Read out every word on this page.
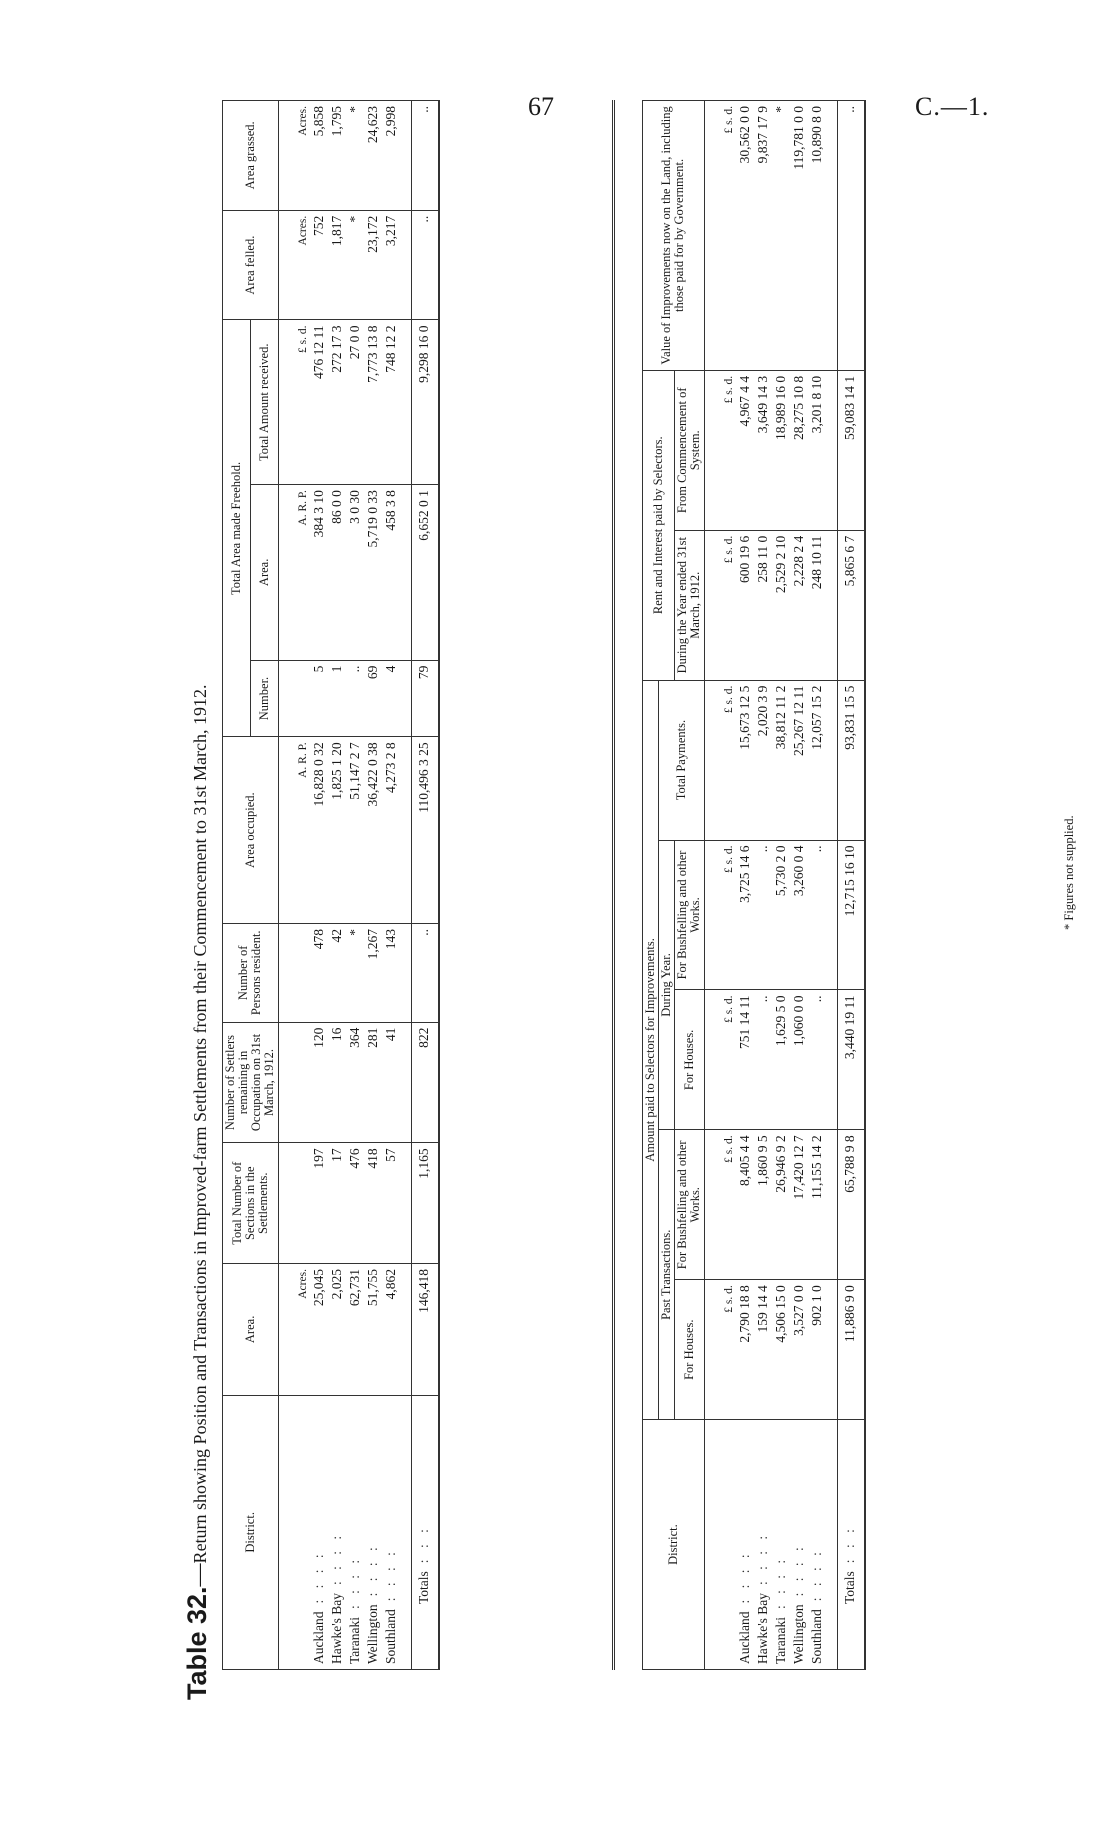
67	C.—1.
Table 32.—Return showing Position and Transactions in Improved-farm Settlements from their Commencement to 31st March, 1912.	District.	Area.	Total Number of Sections in the Settlements.	Number of Settlers remaining in Occupation on 31st March, 1912.	Number of Persons resident.	Area occupied.	Total Area made Freehold.			Area felled.	Area grassed.
						Number.	Area.	Total Amount received.		
	Acres.				A. R. P.		A. R. P.	£ s. d.	Acres.	Acres.
Auckland: : : :	25,045	197	120	478	16,828 0 32	5	384 3 10	476 12 11	752	5,858
Hawke's Bay: : : :	2,025	17	16	42	1,825 1 20	1	86 0 0	272 17 3	1,817	1,795
Taranaki: : : :	62,731	476	364	*	51,147 2 7	..	3 0 30	27 0 0	*	*
Wellington: : : :	51,755	418	281	1,267	36,422 0 38	69	5,719 0 33	7,773 13 8	23,172	24,623
Southland: : : :	4,862	57	41	143	4,273 2 8	4	458 3 8	748 12 2	3,217	2,998
Totals: : :	146,418	1,165	822	..	110,496 3 25	79	6,652 0 1	9,298 16 0	..	..
District.	Amount paid to Selectors for Improvements.					Rent and Interest paid by Selectors.		Value of Improvements now on the Land, including those paid for by Government.
	Past Transactions.		During Year.		Total Payments.			
	For Houses.	For Bushfelling and other Works.	For Houses.	For Bushfelling and other Works.		During the Year ended 31st March, 1912.	From Commencement of System.	
	£ s. d.	£ s. d.	£ s. d.	£ s. d.	£ s. d.	£ s. d.	£ s. d.	£ s. d.
Auckland: : : :	2,790 18 8	8,405 4 4	751 14 11	3,725 14 6	15,673 12 5	600 19 6	4,967 4 4	30,562 0 0
Hawke's Bay: : : :	159 14 4	1,860 9 5	..	..	2,020 3 9	258 11 0	3,649 14 3	9,837 17 9
Taranaki: : : :	4,506 15 0	26,946 9 2	1,629 5 0	5,730 2 0	38,812 11 2	2,529 2 10	18,989 16 0	*
Wellington: : : :	3,527 0 0	17,420 12 7	1,060 0 0	3,260 0 4	25,267 12 11	2,228 2 4	28,275 10 8	119,781 0 0
Southland: : : :	902 1 0	11,155 14 2	..	..	12,057 15 2	248 10 11	3,201 8 10	10,890 8 0
Totals: : :	11,886 9 0	65,788 9 8	3,440 19 11	12,715 16 10	93,831 15 5	5,865 6 7	59,083 14 1	..
* Figures not supplied.
